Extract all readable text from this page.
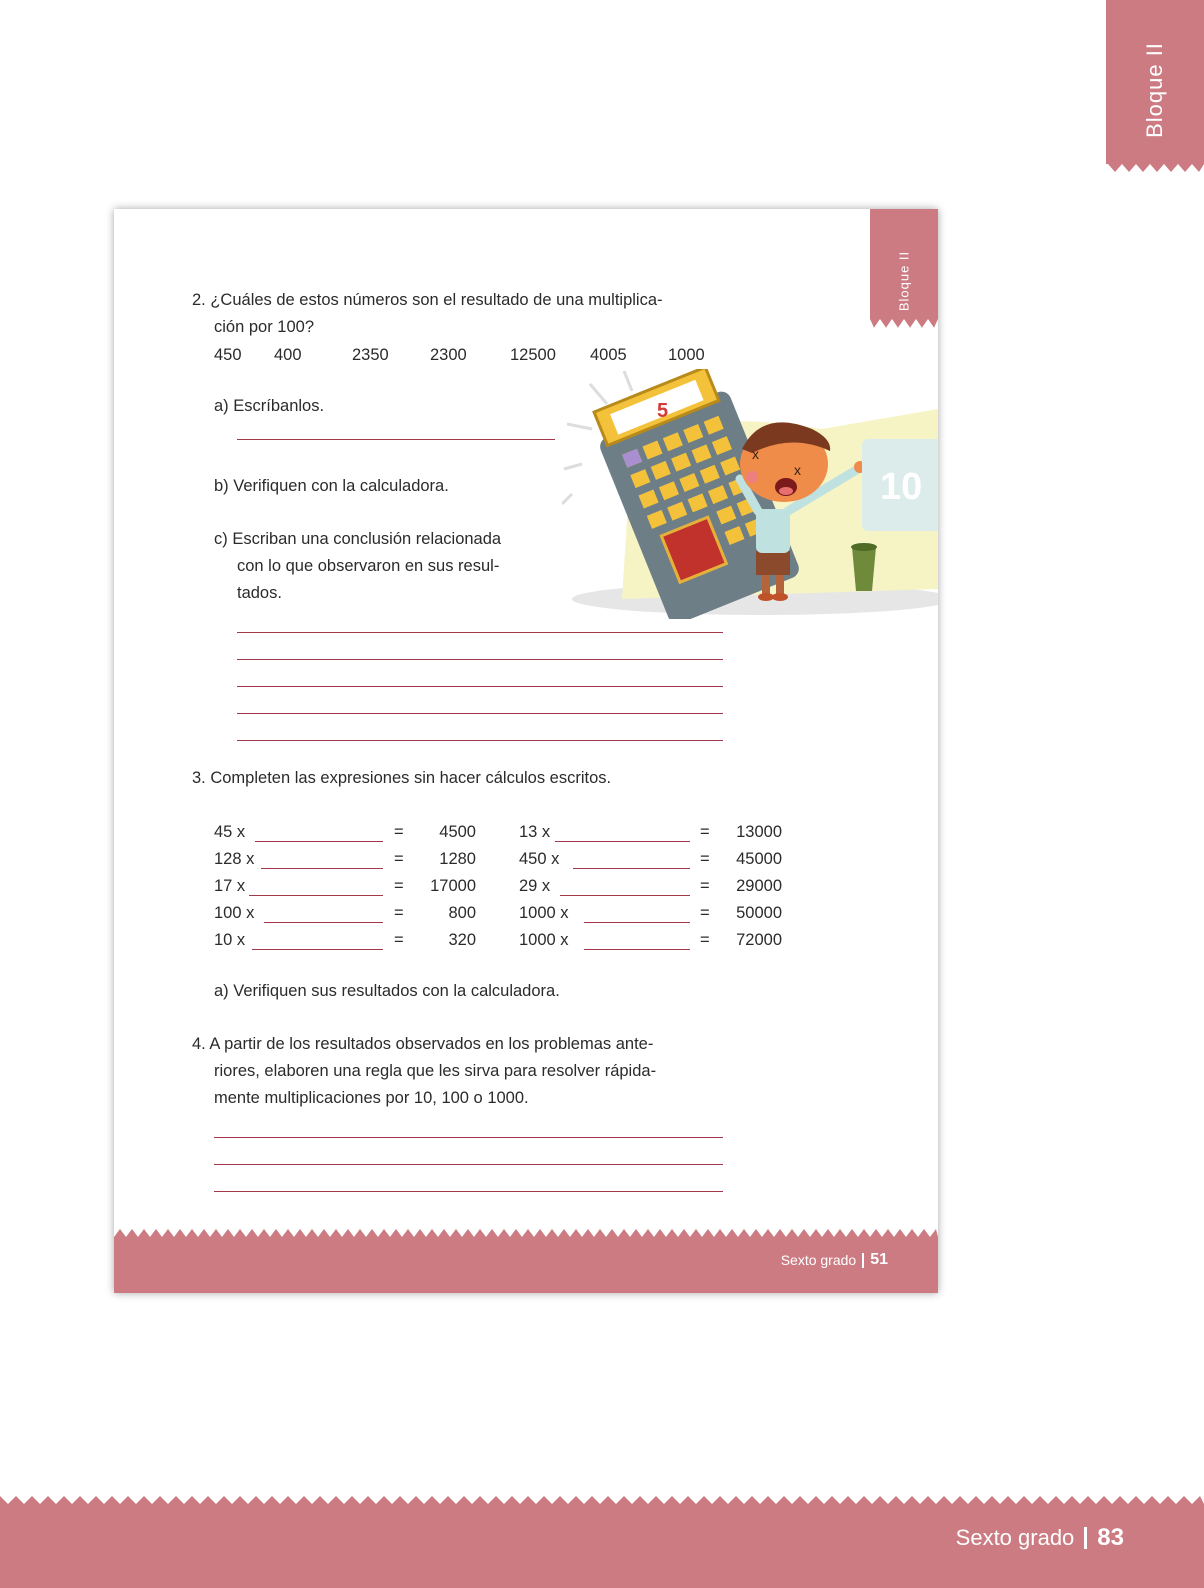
Bloque II
Bloque II
2. ¿Cuáles de estos números son el resultado de una multiplica-
ción por 100?
450 400	2350	2300	12500 4005	1000
a) Escríbanlos.
b) Verifiquen con la calculadora.
c) Escriban una conclusión relacionada
con lo que observaron en sus resul-
tados.
5
x
x 10
3. Completen las expresiones sin hacer cálculos escritos.
45 x	=	4500
128 x	=	1280
17 x	=	17000
100 x	=	800
10 x	=	320
13 x	=	13000
450 x	=	45000
29 x	=	29000
1000 x	=	50000
1000 x	=	72000
a) Verifiquen sus resultados con la calculadora.
4. A partir de los resultados observados en los problemas ante-
riores, elaboren una regla que les sirva para resolver rápida-
mente multiplicaciones por 10, 100 o 1000.
Sexto grado 51
Sexto grado 83
